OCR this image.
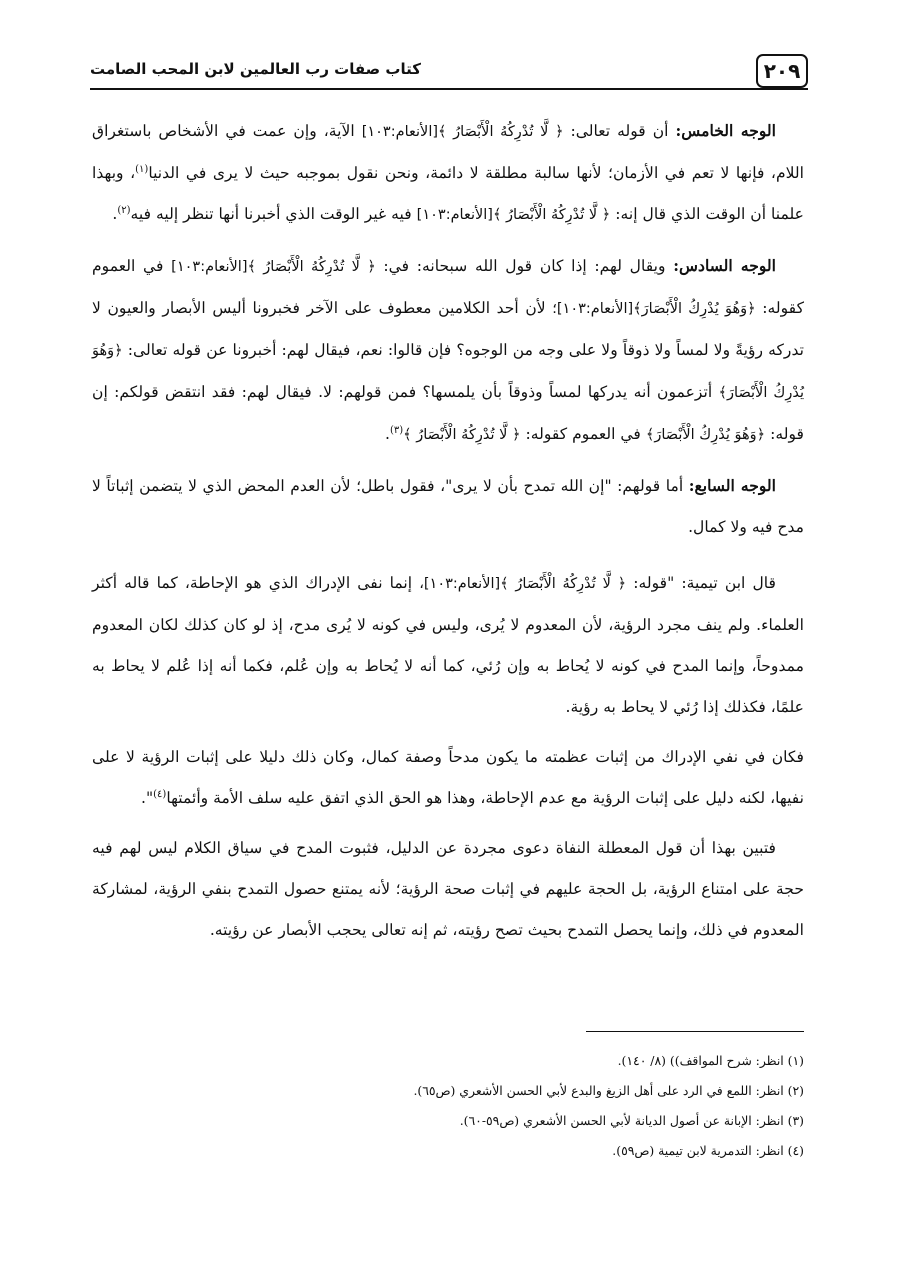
٢٠٩
كتاب صفات رب العالمين لابن المحب الصامت

الوجه الخامس: أن قوله تعالى: ﴿ لَّا تُدْرِكُهُ الْأَبْصَارُ ﴾[الأنعام:١٠٣] الآية، وإن عمت في الأشخاص باستغراق اللام، فإنها لا تعم في الأزمان؛ لأنها سالبة مطلقة لا دائمة، ونحن نقول بموجبه حيث لا يرى في الدنيا$^{(١)}$، وبهذا علمنا أن الوقت الذي قال إنه: ﴿ لَّا تُدْرِكُهُ الْأَبْصَارُ ﴾[الأنعام:١٠٣] فيه غير الوقت الذي أخبرنا أنها تنظر إليه فيه$^{(٢)}$.

الوجه السادس: ويقال لهم: إذا كان قول الله سبحانه: في: ﴿ لَّا تُدْرِكُهُ الْأَبْصَارُ ﴾[الأنعام:١٠٣] في العموم كقوله: ﴿وَهُوَ يُدْرِكُ الْأَبْصَارَ﴾[الأنعام:١٠٣]؛ لأن أحد الكلامين معطوف على الآخر فخبرونا أليس الأبصار والعيون لا تدركه رؤيةً ولا لمساً ولا ذوقاً ولا على وجه من الوجوه؟ فإن قالوا: نعم، فيقال لهم: أخبرونا عن قوله تعالى: ﴿وَهُوَ يُدْرِكُ الْأَبْصَارَ﴾ أتزعمون أنه يدركها لمساً وذوقاً بأن يلمسها؟ فمن قولهم: لا. فيقال لهم: فقد انتقض قولكم: إن قوله: ﴿وَهُوَ يُدْرِكُ الْأَبْصَارَ﴾ في العموم كقوله: ﴿ لَّا تُدْرِكُهُ الْأَبْصَارُ ﴾$^{(٣)}$.

الوجه السابع: أما قولهم: "إن الله تمدح بأن لا يرى"، فقول باطل؛ لأن العدم المحض الذي لا يتضمن إثباتاً لا مدح فيه ولا كمال.

قال ابن تيمية: "قوله: ﴿ لَّا تُدْرِكُهُ الْأَبْصَارُ ﴾[الأنعام:١٠٣]، إنما نفى الإدراك الذي هو الإحاطة، كما قاله أكثر العلماء. ولم ينف مجرد الرؤية، لأن المعدوم لا يُرى، وليس في كونه لا يُرى مدح، إذ لو كان كذلك لكان المعدوم ممدوحاً، وإنما المدح في كونه لا يُحاط به وإن رُئي، كما أنه لا يُحاط به وإن عُلم، فكما أنه إذا عُلم لا يحاط به علمًا، فكذلك إذا رُئي لا يحاط به رؤية.

فكان في نفي الإدراك من إثبات عظمته ما يكون مدحاً وصفة كمال، وكان ذلك دليلا على إثبات الرؤية لا على نفيها، لكنه دليل على إثبات الرؤية مع عدم الإحاطة، وهذا هو الحق الذي اتفق عليه سلف الأمة وأئمتها$^{(٤)}$".

فتبين بهذا أن قول المعطلة النفاة دعوى مجردة عن الدليل، فثبوت المدح في سياق الكلام ليس لهم فيه حجة على امتناع الرؤية، بل الحجة عليهم في إثبات صحة الرؤية؛ لأنه يمتنع حصول التمدح بنفي الرؤية، لمشاركة المعدوم في ذلك، وإنما يحصل التمدح بحيث تصح رؤيته، ثم إنه تعالى يحجب الأبصار عن رؤيته.

(١) انظر: شرح المواقف)) (٨/ ١٤٠).

(٢) انظر: اللمع في الرد على أهل الزيغ والبدع لأبي الحسن الأشعري (ص٦٥).

(٣) انظر: الإبانة عن أصول الديانة لأبي الحسن الأشعري (ص٥٩-٦٠).

(٤) انظر: التدمرية لابن تيمية (ص٥٩).
